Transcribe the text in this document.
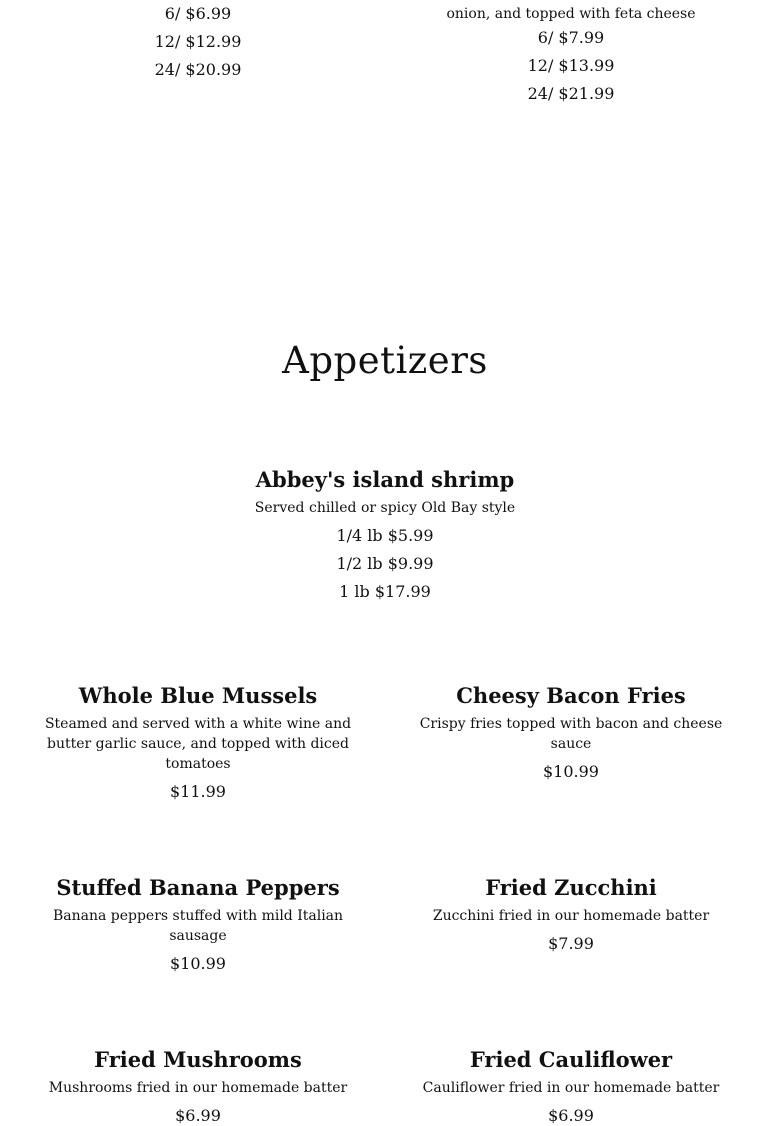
6/ $6.99
12/ $12.99
24/ $20.99

onion, and topped with feta cheese

6/ $7.99
12/ $13.99
24/ $21.99
Appetizers
Abbey's island shrimp

Served chilled or spicy Old Bay style

1/4 lb $5.99
1/2 lb $9.99
1 lb $17.99
Whole Blue Mussels

Steamed and served with a white wine and butter garlic sauce, and topped with diced tomatoes

$11.99
Cheesy Bacon Fries

Crispy fries topped with bacon and cheese sauce

$10.99
Stuffed Banana Peppers

Banana peppers stuffed with mild Italian sausage

$10.99
Fried Zucchini

Zucchini fried in our homemade batter

$7.99
Fried Mushrooms

Mushrooms fried in our homemade batter

$6.99
Fried Cauliflower

Cauliflower fried in our homemade batter

$6.99
